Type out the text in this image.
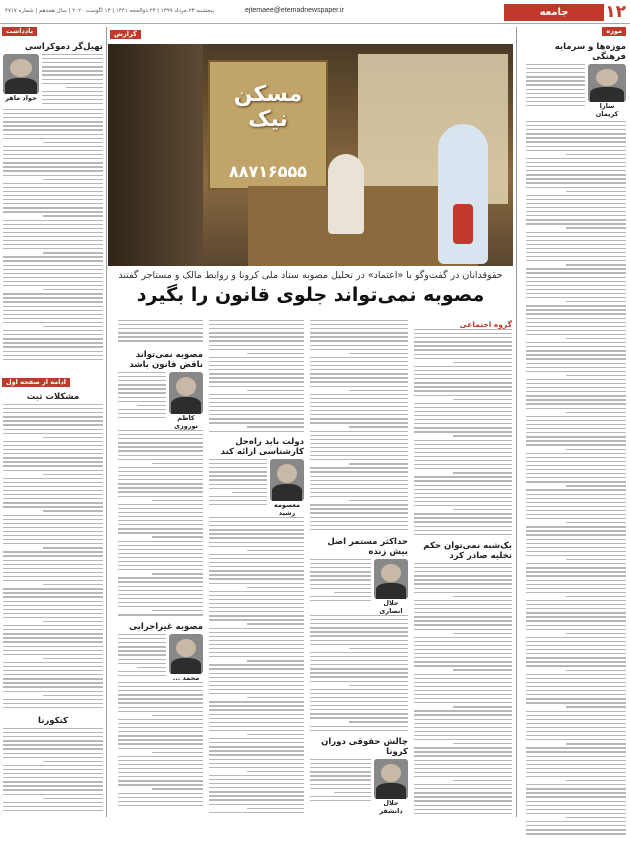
۱۲
جامعه
ejtemaee@etemadnewspaper.ir
پنجشنبه ۲۳ مرداد ۱۳۹۹ | ۲۳ ذوالحجه ۱۴۴۱ | ۱۳ اگوست ۲۰۲۰ | سال هجدهم | شماره ۴۷۱۷
موزه
موزه‌ها و سرمایه فرهنگی
سارا کریمان
گزارش
مسکن نیک
۸۸۷۱۶۵۵۵
حقوقدانان در گفت‌وگو با «اعتماد» در تحلیل مصوبه ستاد ملی کرونا و روابط مالک و مستاجر گفتند
مصوبه نمی‌تواند جلوی قانون را بگیرد
گروه اجتماعی
یک‌شبه نمی‌توان حکم تخلیه صادر کرد
حداکثر مستمر اصل بیش زنده
جلال انصاری
چالش حقوقی دوران کرونا
جلال دانشفر
دولت باید راه‌حل کارشناسی ارائه کند
معصومه رشید
مصوبه نمی‌تواند ناقض قانون باشد
کاظم نوروزی
مصوبه غیراجرایی
محمد ...
یادداشت
تهیل‌گر دموکراسی
جواد ماهر
ادامه از صفحه اول
مشکلات ثبت
کنکورنا
